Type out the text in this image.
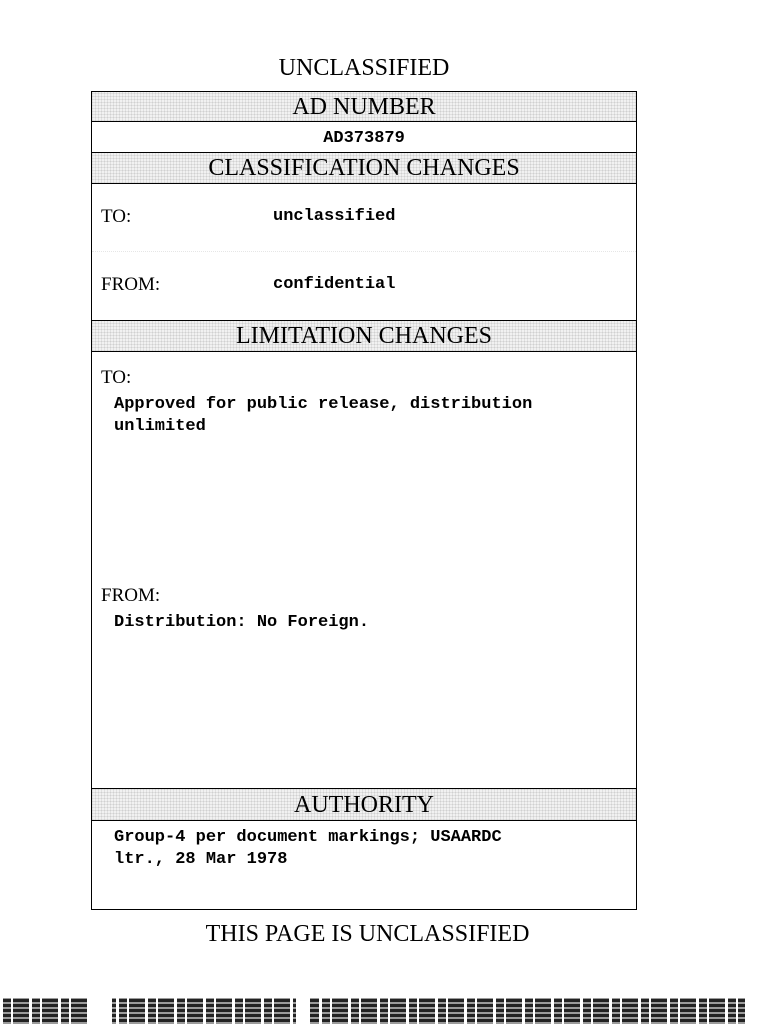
UNCLASSIFIED
AD NUMBER
AD373879
CLASSIFICATION CHANGES
TO:	unclassified
FROM:	confidential
LIMITATION CHANGES
TO:
Approved for public release, distribution
unlimited
FROM:
Distribution: No Foreign.
AUTHORITY
Group-4 per document markings; USAARDC
ltr., 28 Mar 1978
THIS PAGE IS UNCLASSIFIED
